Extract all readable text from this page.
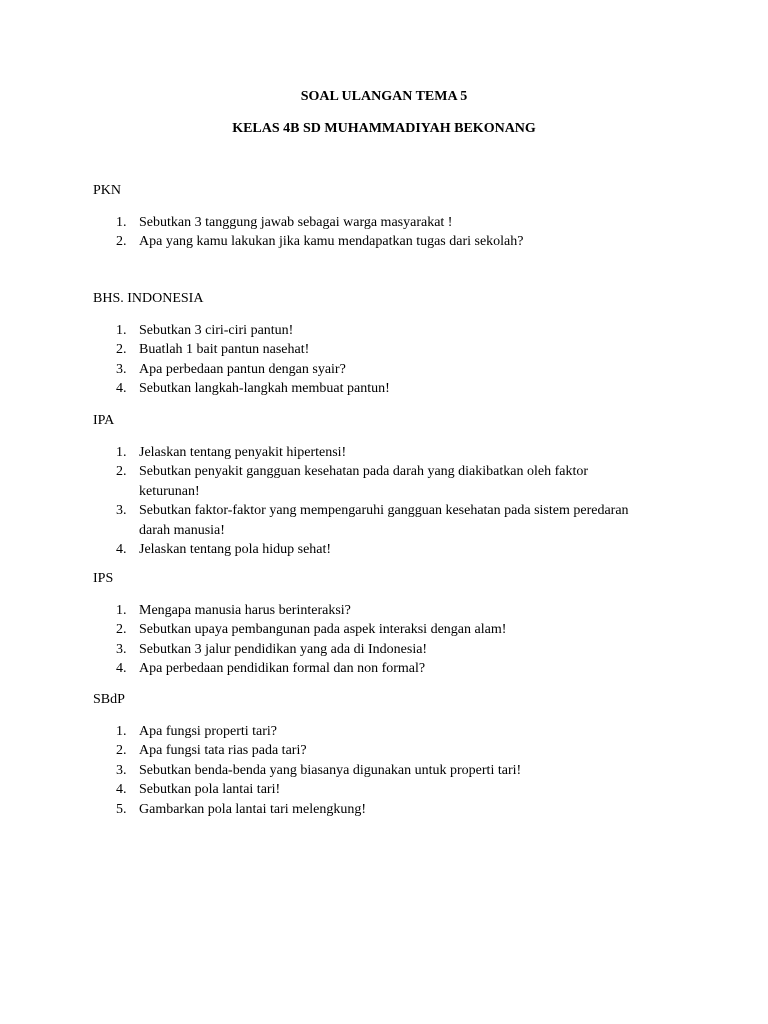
SOAL ULANGAN TEMA 5
KELAS 4B SD MUHAMMADIYAH BEKONANG

PKN

1. Sebutkan 3 tanggung jawab sebagai warga masyarakat !
2. Apa yang kamu lakukan jika kamu mendapatkan tugas dari sekolah?

BHS. INDONESIA

1. Sebutkan 3 ciri-ciri pantun!
2. Buatlah 1 bait pantun nasehat!
3. Apa perbedaan pantun dengan syair?
4. Sebutkan langkah-langkah membuat pantun!

IPA

1. Jelaskan tentang penyakit hipertensi!
2. Sebutkan penyakit gangguan kesehatan pada darah yang diakibatkan oleh faktor keturunan!
3. Sebutkan faktor-faktor yang mempengaruhi gangguan kesehatan pada sistem peredaran darah manusia!
4. Jelaskan tentang pola hidup sehat!

IPS

1. Mengapa manusia harus berinteraksi?
2. Sebutkan upaya pembangunan pada aspek interaksi dengan alam!
3. Sebutkan 3 jalur pendidikan yang ada di Indonesia!
4. Apa perbedaan pendidikan formal dan non formal?

SBdP

1. Apa fungsi properti tari?
2. Apa fungsi tata rias pada tari?
3. Sebutkan benda-benda yang biasanya digunakan untuk properti tari!
4. Sebutkan pola lantai tari!
5. Gambarkan pola lantai tari melengkung!
